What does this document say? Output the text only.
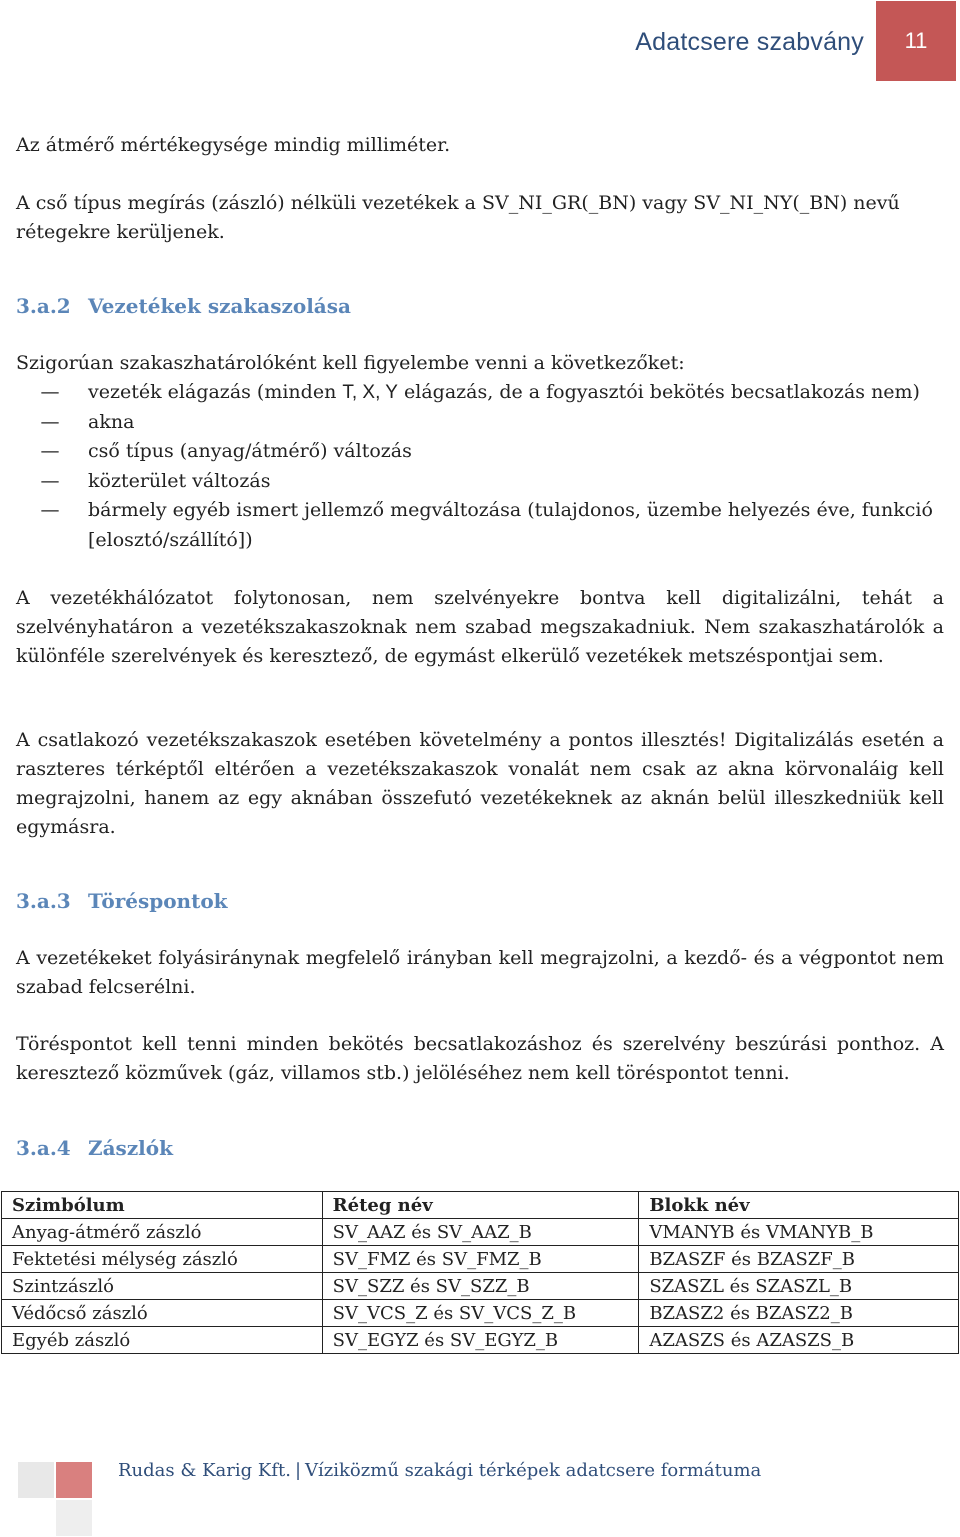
Adatcsere szabvány	11

Az átmérő mértékegysége mindig milliméter.

A cső típus megírás (zászló) nélküli vezetékek a SV_NI_GR(_BN) vagy SV_NI_NY(_BN) nevű rétegekre kerüljenek.

3.a.2 Vezetékek szakaszolása

Szigorúan szakaszhatárolóként kell figyelembe venni a következőket:

— vezeték elágazás (minden T, X, Y elágazás, de a fogyasztói bekötés becsatlakozás nem)
— akna
— cső típus (anyag/átmérő) változás
— közterület változás
— bármely egyéb ismert jellemző megváltozása (tulajdonos, üzembe helyezés éve, funkció [elosztó/szállító])

A vezetékhálózatot folytonosan, nem szelvényekre bontva kell digitalizálni, tehát a szelvényhatáron a vezetékszakaszoknak nem szabad megszakadniuk. Nem szakaszhatárolók a különféle szerelvények és keresztező, de egymást elkerülő vezetékek metszéspontjai sem.

A csatlakozó vezetékszakaszok esetében követelmény a pontos illesztés! Digitalizálás esetén a raszteres térképtől eltérően a vezetékszakaszok vonalát nem csak az akna körvonaláig kell megrajzolni, hanem az egy aknában összefutó vezetékeknek az aknán belül illeszkedniük kell egymásra.

3.a.3 Töréspontok

A vezetékeket folyásiránynak megfelelő irányban kell megrajzolni, a kezdő- és a végpontot nem szabad felcserélni.

Töréspontot kell tenni minden bekötés becsatlakozáshoz és szerelvény beszúrási ponthoz. A keresztező közművek (gáz, villamos stb.) jelöléséhez nem kell töréspontot tenni.

3.a.4 Zászlók
Szimbólum	Réteg név	Blokk név
Anyag-átmérő zászló	SV_AAZ és SV_AAZ_B	VMANYB és VMANYB_B
Fektetési mélység zászló	SV_FMZ és SV_FMZ_B	BZASZF és BZASZF_B
Szintzászló	SV_SZZ és SV_SZZ_B	SZASZL és SZASZL_B
Védőcső zászló	SV_VCS_Z és SV_VCS_Z_B	BZASZ2 és BZASZ2_B
Egyéb zászló	SV_EGYZ és SV_EGYZ_B	AZASZS és AZASZS_B
Rudas & Karig Kft. | Víziközmű szakági térképek adatcsere formátuma
